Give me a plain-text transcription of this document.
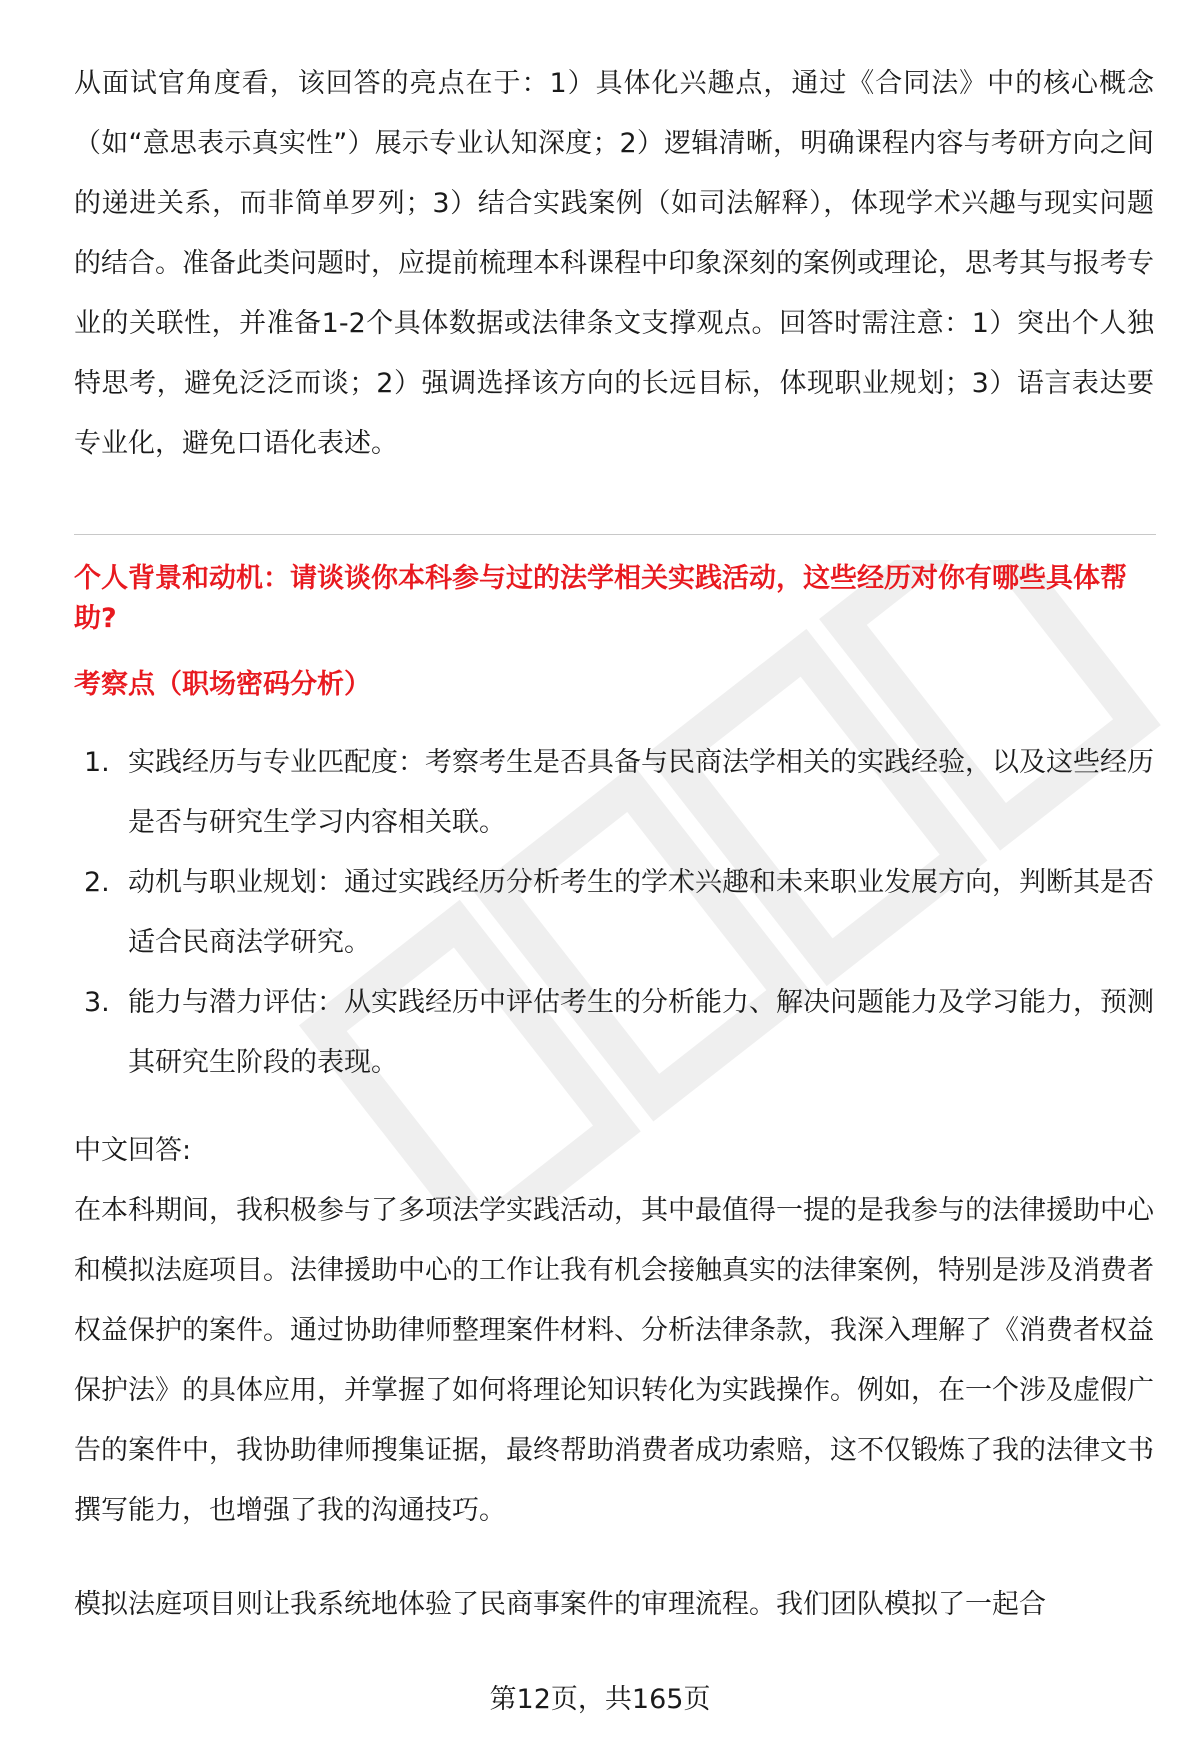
从面试官角度看，该回答的亮点在于：1）具体化兴趣点，通过《合同法》中的核心概念（如“意思表示真实性”）展示专业认知深度；2）逻辑清晰，明确课程内容与考研方向之间的递进关系，而非简单罗列；3）结合实践案例（如司法解释），体现学术兴趣与现实问题的结合。准备此类问题时，应提前梳理本科课程中印象深刻的案例或理论，思考其与报考专业的关联性，并准备1-2个具体数据或法律条文支撑观点。回答时需注意：1）突出个人独特思考，避免泛泛而谈；2）强调选择该方向的长远目标，体现职业规划；3）语言表达要专业化，避免口语化表述。

个人背景和动机：请谈谈你本科参与过的法学相关实践活动，这些经历对你有哪些具体帮助?

考察点（职场密码分析）

1. 实践经历与专业匹配度：考察考生是否具备与民商法学相关的实践经验，以及这些经历是否与研究生学习内容相关联。
2. 动机与职业规划：通过实践经历分析考生的学术兴趣和未来职业发展方向，判断其是否适合民商法学研究。
3. 能力与潜力评估：从实践经历中评估考生的分析能力、解决问题能力及学习能力，预测其研究生阶段的表现。

中文回答:

在本科期间，我积极参与了多项法学实践活动，其中最值得一提的是我参与的法律援助中心和模拟法庭项目。法律援助中心的工作让我有机会接触真实的法律案例，特别是涉及消费者权益保护的案件。通过协助律师整理案件材料、分析法律条款，我深入理解了《消费者权益保护法》的具体应用，并掌握了如何将理论知识转化为实践操作。例如，在一个涉及虚假广告的案件中，我协助律师搜集证据，最终帮助消费者成功索赔，这不仅锻炼了我的法律文书撰写能力，也增强了我的沟通技巧。

模拟法庭项目则让我系统地体验了民商事案件的审理流程。我们团队模拟了一起合

第12页，共165页
